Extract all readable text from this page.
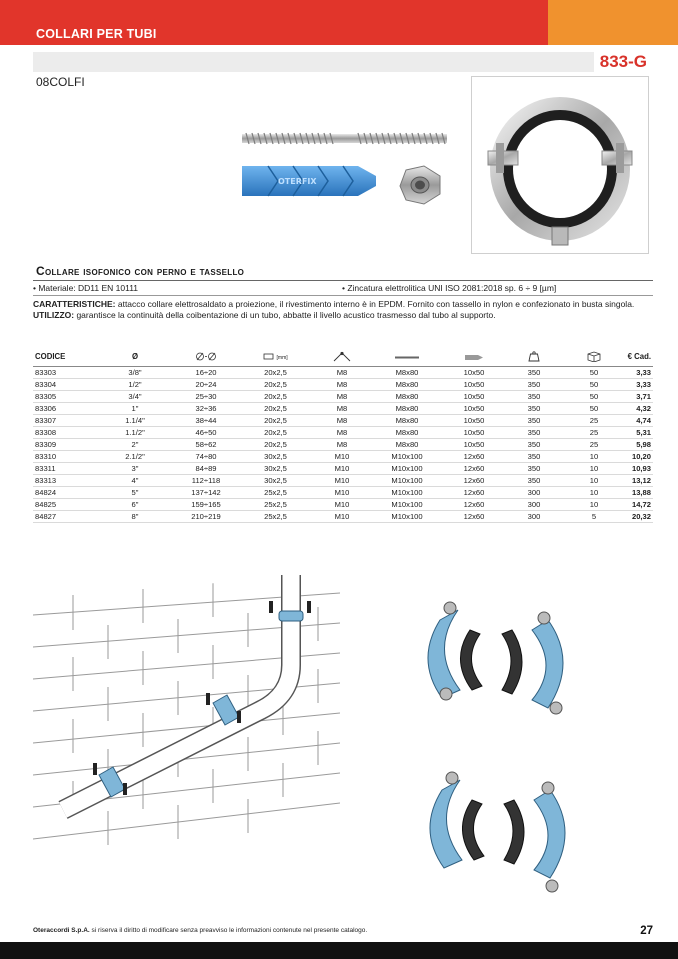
COLLARI PER TUBI
833-G
08COLFI
OTERFIX
Collare isofonico con perno e tassello
• Materiale: DD11 EN 10111	• Zincatura elettrolitica UNI ISO 2081:2018 sp. 6 ÷ 9 [µm]
CARATTERISTICHE: attacco collare elettrosaldato a proiezione, il rivestimento interno è in EPDM. Fornito con tassello in nylon e confezionato in busta singola.
UTILIZZO: garantisce la continuità della coibentazione di un tubo, abbatte il livello acustico trasmesso dal tubo al supporto.
CODICE	Ø		[mm]						€ Cad.
83303	3/8"	16÷20	20x2,5	M8	M8x80	10x50	350	50	3,33
83304	1/2"	20÷24	20x2,5	M8	M8x80	10x50	350	50	3,33
83305	3/4"	25÷30	20x2,5	M8	M8x80	10x50	350	50	3,71
83306	1"	32÷36	20x2,5	M8	M8x80	10x50	350	50	4,32
83307	1.1/4"	38÷44	20x2,5	M8	M8x80	10x50	350	25	4,74
83308	1.1/2"	46÷50	20x2,5	M8	M8x80	10x50	350	25	5,31
83309	2"	58÷62	20x2,5	M8	M8x80	10x50	350	25	5,98
83310	2.1/2"	74÷80	30x2,5	M10	M10x100	12x60	350	10	10,20
83311	3"	84÷89	30x2,5	M10	M10x100	12x60	350	10	10,93
83313	4"	112÷118	30x2,5	M10	M10x100	12x60	350	10	13,12
84824	5"	137÷142	25x2,5	M10	M10x100	12x60	300	10	13,88
84825	6"	159÷165	25x2,5	M10	M10x100	12x60	300	10	14,72
84827	8"	210÷219	25x2,5	M10	M10x100	12x60	300	5	20,32
Oteraccordi S.p.A. si riserva il diritto di modificare senza preavviso le informazioni contenute nel presente catalogo.	27
